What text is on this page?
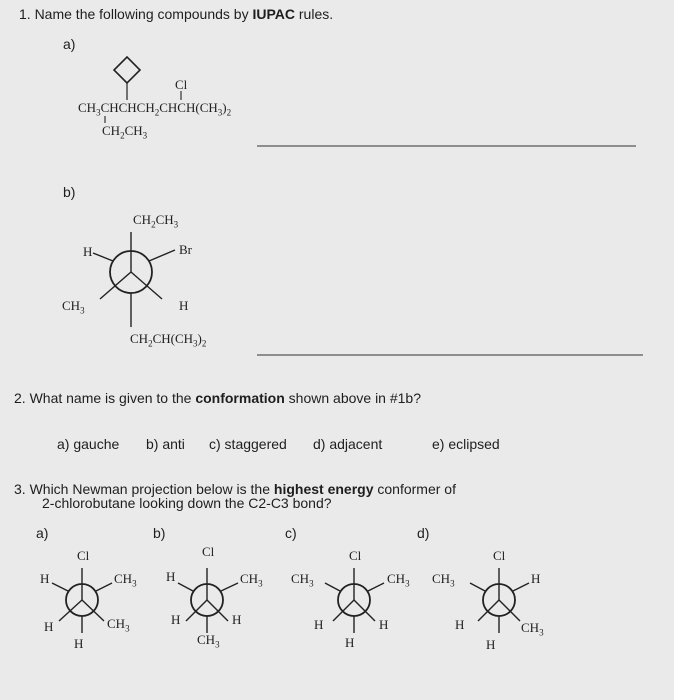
1. Name the following compounds by IUPAC rules.
a)
Cl
$CH_3CHCHCH_2CHCH(CH_3)_2$
$CH_2CH_3$
b)
$CH_2CH_3$
H	Br
$CH_3$	H
$CH_2CH(CH_3)_2$
2. What name is given to the conformation shown above in #1b?
a) gauche b) anti c) staggered d) adjacent	e) eclipsed
3. Which Newman projection below is the highest energy conformer of
2-chlorobutane looking down the C2-C3 bond?
a)	b)	c)	d)
Cl
H	$CH_3$
H	$CH_3$
H
Cl
H	$CH_3$
H	H
$CH_3$
Cl
$CH_3$	$CH_3$
H	H
H
Cl
$CH_3$	H
H	$CH_3$
H
